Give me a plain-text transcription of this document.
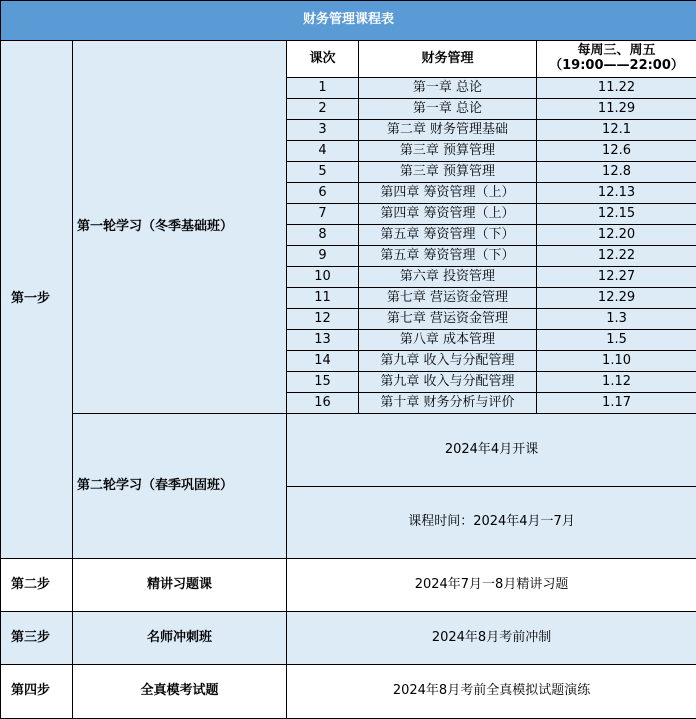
财务管理课程表				
第一步	第一轮学习（冬季基础班）	课次	财务管理	每周三、周五
（19:00——22:00）

		1	第一章 总论	11.22
		2	第一章 总论	11.29
		3	第二章 财务管理基础	12.1
		4	第三章 预算管理	12.6
		5	第三章 预算管理	12.8
		6	第四章 筹资管理（上）	12.13
		7	第四章 筹资管理（上）	12.15
		8	第五章 筹资管理（下）	12.20
		9	第五章 筹资管理（下）	12.22
		10	第六章 投资管理	12.27
		11	第七章 营运资金管理	12.29
		12	第七章 营运资金管理	1.3
		13	第八章 成本管理	1.5
		14	第九章 收入与分配管理	1.10
		15	第九章 收入与分配管理	1.12
		16	第十章 财务分析与评价	1.17
	第二轮学习（春季巩固班）	2024年4月开课		
		课程时间：2024年4月一7月		
第二步	精讲习题课	2024年7月一8月精讲习题		
第三步	名师冲刺班	2024年8月考前冲制		
第四步	全真模考试题	2024年8月考前全真模拟试题演练		
